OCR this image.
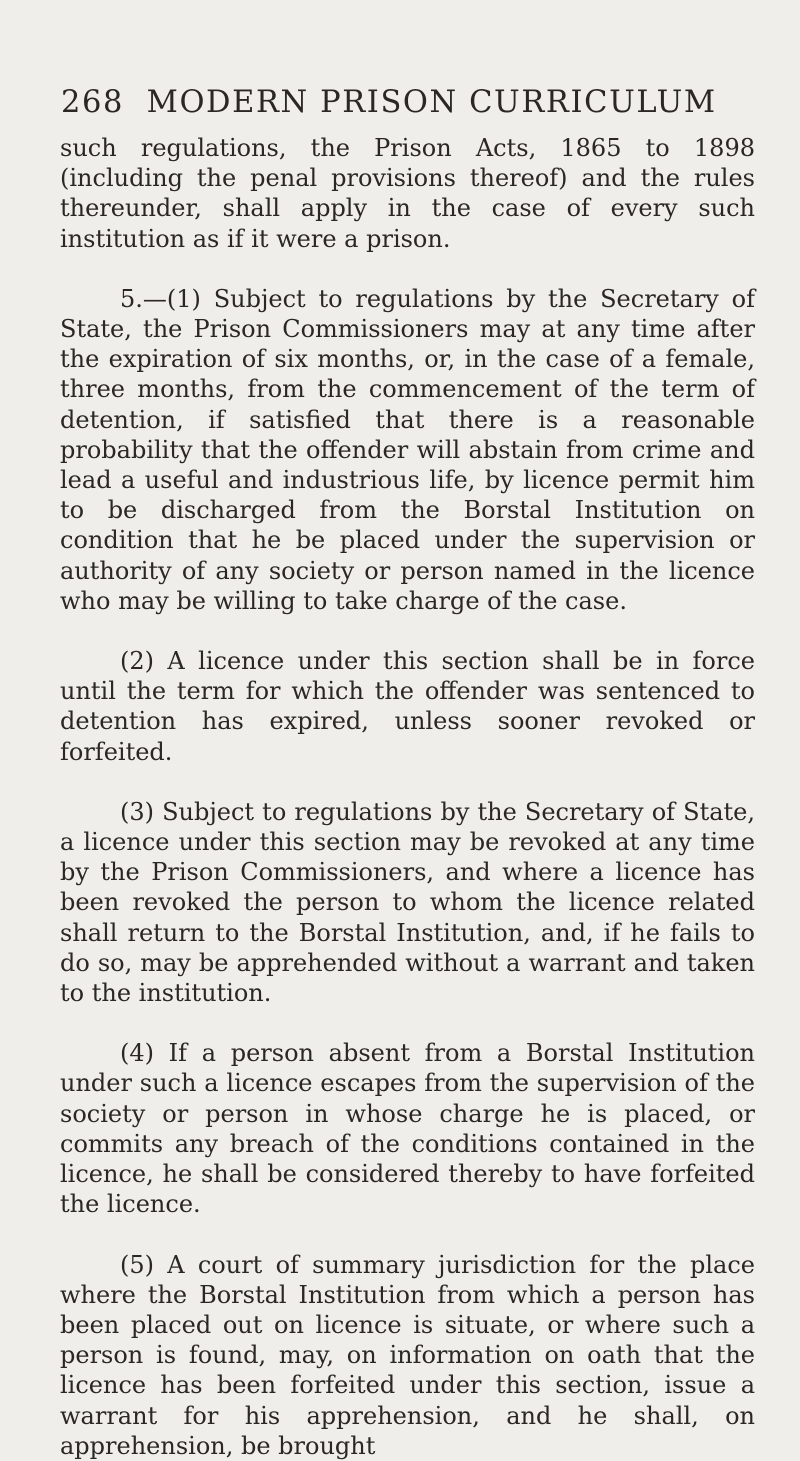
268 MODERN PRISON CURRICULUM

such regulations, the Prison Acts, 1865 to 1898 (including the penal provisions thereof) and the rules thereunder, shall apply in the case of every such institution as if it were a prison.

5.—(1) Subject to regulations by the Secretary of State, the Prison Commissioners may at any time after the expiration of six months, or, in the case of a female, three months, from the commencement of the term of detention, if satisfied that there is a reasonable probability that the offender will abstain from crime and lead a useful and industrious life, by licence permit him to be discharged from the Borstal Institution on condition that he be placed under the supervision or authority of any society or person named in the licence who may be willing to take charge of the case.

(2) A licence under this section shall be in force until the term for which the offender was sentenced to detention has expired, unless sooner revoked or forfeited.

(3) Subject to regulations by the Secretary of State, a licence under this section may be revoked at any time by the Prison Commissioners, and where a licence has been revoked the person to whom the licence related shall return to the Borstal Institution, and, if he fails to do so, may be apprehended without a warrant and taken to the institution.

(4) If a person absent from a Borstal Institution under such a licence escapes from the supervision of the society or person in whose charge he is placed, or commits any breach of the conditions contained in the licence, he shall be considered thereby to have forfeited the licence.

(5) A court of summary jurisdiction for the place where the Borstal Institution from which a person has been placed out on licence is situate, or where such a person is found, may, on information on oath that the licence has been forfeited under this section, issue a warrant for his apprehension, and he shall, on apprehension, be brought
